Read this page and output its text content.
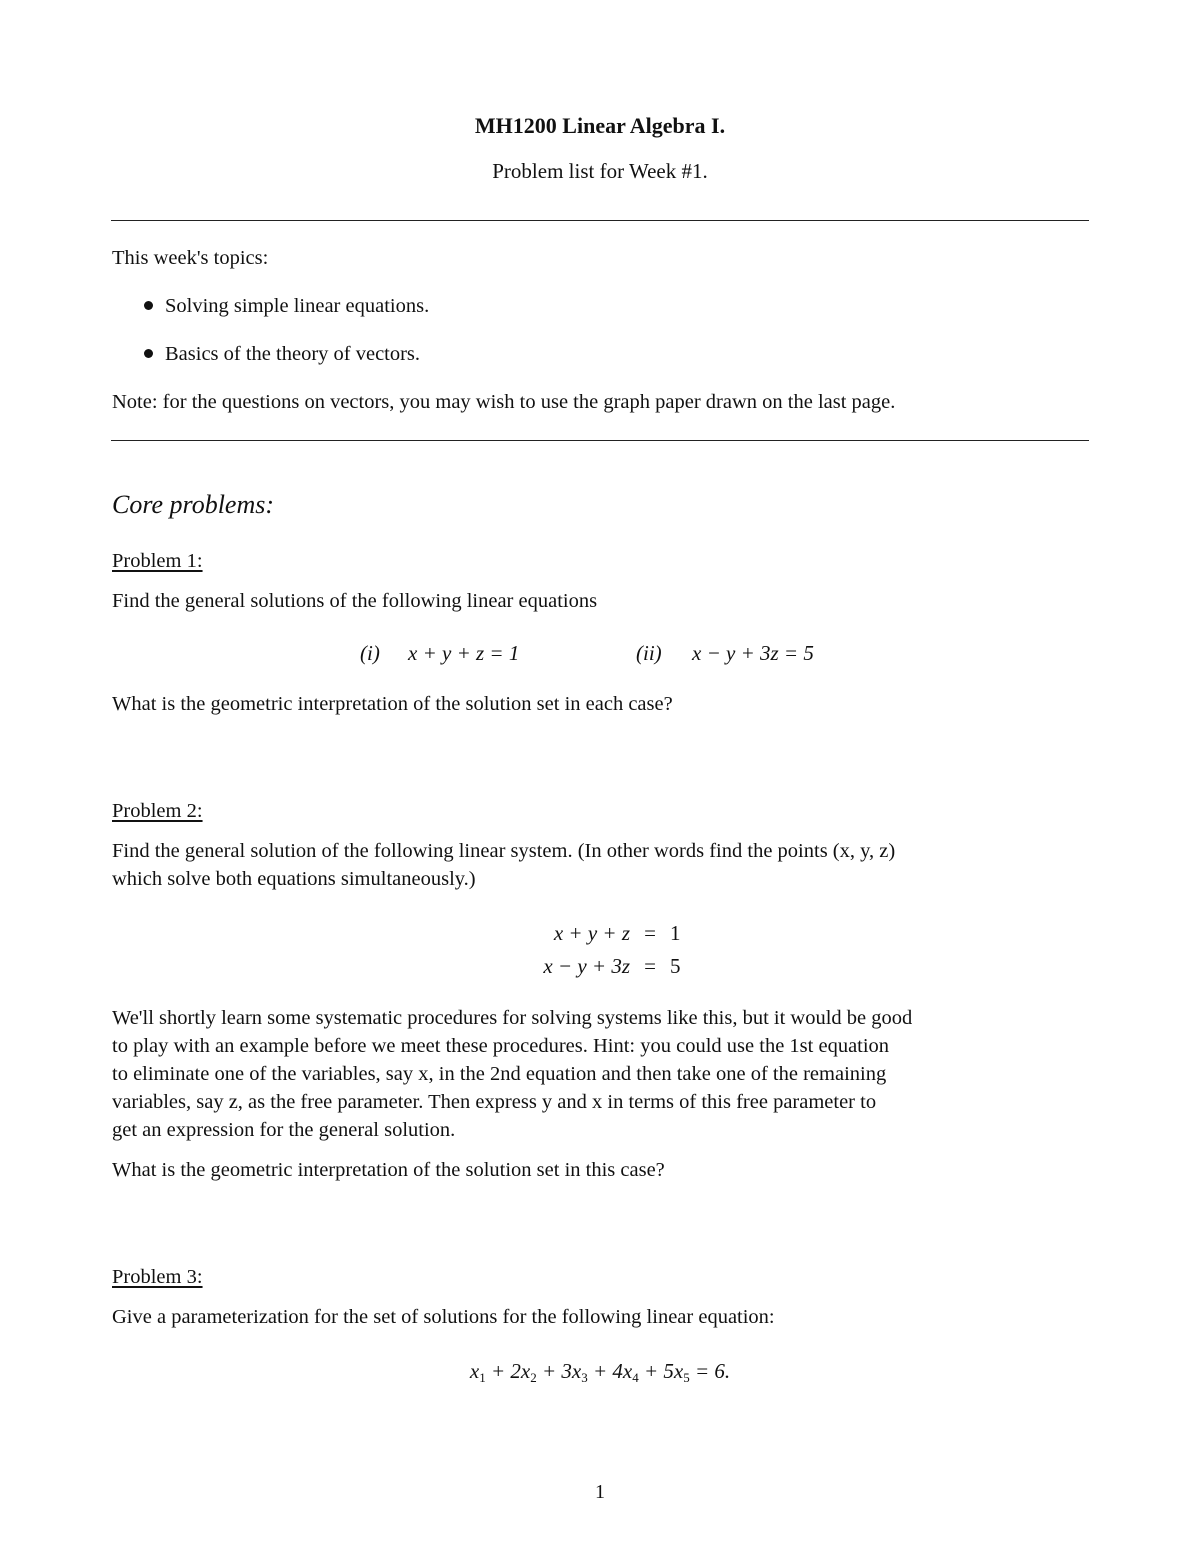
MH1200 Linear Algebra I.
Problem list for Week #1.
This week's topics:
Solving simple linear equations.
Basics of the theory of vectors.
Note: for the questions on vectors, you may wish to use the graph paper drawn on the last page.
Core problems:
Problem 1:
Find the general solutions of the following linear equations
(i) x + y + z = 1	(ii) x − y + 3z = 5
What is the geometric interpretation of the solution set in each case?
Problem 2:
Find the general solution of the following linear system. (In other words find the points (x, y, z)
which solve both equations simultaneously.)
x + y + z = 1
x − y + 3z = 5
We'll shortly learn some systematic procedures for solving systems like this, but it would be good
to play with an example before we meet these procedures. Hint: you could use the 1st equation
to eliminate one of the variables, say x, in the 2nd equation and then take one of the remaining
variables, say z, as the free parameter. Then express y and x in terms of this free parameter to
get an expression for the general solution.
What is the geometric interpretation of the solution set in this case?
Problem 3:
Give a parameterization for the set of solutions for the following linear equation:
$x_1 + 2x_2 + 3x_3 + 4x_4 + 5x_5 = 6$.
1
